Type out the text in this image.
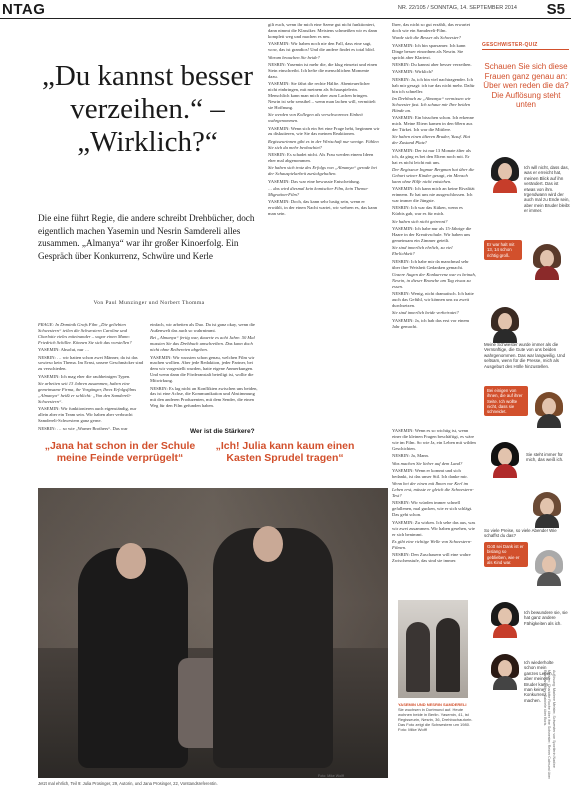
NTAG	NR. 22/105 / SONNTAG, 14. SEPTEMBER 2014 S5
„Du kannst besser verzeihen.“ – „Wirklich?“

Die eine führt Regie, die andere schreibt Drehbücher, doch eigentlich machen Yasemin und Nesrin Samdereli alles zusammen. „Almanya“ war ihr großer Kinoerfolg. Ein Gespräch über Konkurrenz, Schwüre und Kerle

Von Paul Munzinger und Norbert Thomma

FRAGE: In Dominik Grafs Film „Die geliebten Schwestern“ teilen die Schwestern Caroline und Charlotte vieles miteinander – sogar einen Mann: Friedrich Schiller. Können Sie sich das vorstellen?

YASEMIN: Absolut, nur …

NESRIN: … wir hatten schon zwei Männer, da ist das sowieso kein Thema. Im Ernst, unsere Geschmäcker sind zu verschieden.

YASEMIN: Ich mag eher die rauhbeinigen Typen.

Sie arbeiten seit 13 Jahren zusammen, haben eine gemeinsame Firma, ihr Vorgänger, Ihres Erfolgsfilms „Almanya“ heißt er schlicht: „Von den Samdereli-Schwestern“.

YASEMIN: Wir funktionieren auch eigenständig, nur allein aber ein Team sein. Wir haben aber verbracht Samdereli-Schwestern ganz gerne.

NESRIN: … so wie „Warner Brothers“. Das war

einfach, wir arbeiten als Duo. Da ist ganz okay, wenn die Außenwelt das auch so wahrnimmt.

Bei „Almanya“ fertig war, dauerte es acht Jahre. 50 Mal mussten Sie das Drehbuch umschreiben. Das kann doch nicht ohne Reibereien abgehen.

YASEMIN: Wir wussten schon genau, welchen Film wir machen wollten. Aber jede Redaktion, jeder Partner, bei dem wir vorgestellt wurden, hatte eigene Anmerkungen. Und wenn dann die Förderanstalt beteiligt ist, wollte die Mitwirkung.

NESRIN: Es lag nicht an Konflikten zwischen uns beiden, das ist eine Achse, die Kommunikation und Abstimmung mit den anderen Produzenten, mit dem Sender, die einen Weg für den Film gefunden haben.

gilt euch, wenn ihr mich eine Szene gut nicht funktioniert, dann nimmt die Klassiker. Meistens schmeißen wir es dann komplett weg und machen es neu.

YASEMIN: Wir haben noch nie den Fall, dass eine sagt, wow, das ist grandios! Und die andere findet es total blöd.

Warum brauchen Sie beide?

NESRIN: Yasemin ist mehr die, die klug einsetzt und einen Stein einschreibt. Ich hefte die menschlichen Momente dazu.

YASEMIN: Sie fährt die rechte Hälfte. Abenteuerlicher nicht einbringen, mit meinem als Schauspielerin. Menschlich kann man mich aber zum Lachen bringen. Nesrin ist sehr sensibel – wenn man lachen will, vermittelt sie Hoffnung.

Sie werden von Kollegen als verschworenes Einheit wahrgenommen.

YASEMIN: Wenn sich ein Set eine Frage hebt, beginnen wir zu diskutieren, wie Sie das meinen Reaktionen.

Regisseurinnen gibt es in der Wirtschaft nur wenige. Fühlen Sie sich da mehr beobachtet?

NESRIN: Es schadet nicht. Als Frau werden einem Ideen eher mal abgenommen.

Sie haben sich trotz des Erfolgs von „Almanya“ gerade bei der Schauspielarbeit zurückgehalten.

YASEMIN: Das war eine bewusste Entscheidung.

… das wird diesmal kein komischer Film, kein Thema-Migration-Film?

YASEMIN: Doch, das kann sehr lustig sein, wenn er erwählt, in der einen Nacht wartet, wir wehren es, das kann man sein.

Ihrer, das nicht so gut erzählt, das erwartet doch wie ein Samdereli-Film.

Wurde sich die Besser als Schwester?

YASEMIN: Ich bin sparsamer. Ich kann Dinge besser einordnen als Nesrin. Sie spricht aber Klartext.

NESRIN: Du kannst aber besser verzeihen.

YASEMIN: Wirklich?

NESRIN: Ja, ich bin viel nachtragender. Ich hab mir gesagt: ich tue das nicht mehr. Dafür bin ich schneller.

Im Drehbuch zu „Almanya“ vermissen wir Schwester fast. Ich schaue mir Ihre beiden Hände an.

YASEMIN: Ein bisschen schon. Ich erkenne mich. Meine Eltern kamen in den 60ern aus der Türkei. Ich war die Mittlere.

Sie haben einen älteren Bruder, Yusuf. Hat der Zustand Platz?

YASEMIN: Der ist nur 13 Monate älter als ich, da ging es bei den Eltern noch mit. Er hat es nicht leicht mit uns.

Der Regisseur Ingmar Bergman hat über die Geburt seiner Kinder gesagt, ein Mensch kann ohne Hilfe nicht entstehen.

YASEMIN: Ich kann mich an keine Rivalität erinnern. Er hat uns nie ausgeschlossen. Ich war immer die Jüngste.

NESRIN: Ich war das Küken, wenn es Kürbis gab, war es für mich.

Sie haben sich nicht getrennt?

YASEMIN: Ich habe nur als 15-Jährige die Haare in der Kreativschule. Wir haben uns gemeinsam ein Zimmer geteilt.

Sie sind innerlich ehrlich, zu viel Ehrlichkeit?

NESRIN: Ich habe mir da manchmal sehr über ihre Weisheit Gedanken gemacht.

Unsere Augen der Konkurrenz war es beinah, Nesrin, in dieser Branche am Tag etwas zu essen.

NESRIN: Wenig, nicht dramatisch. Ich hatte auch das Gefühl, wir können uns zu zweit durchsetzen.

Sie sind innerlich beide verheiratet?

YASEMIN: Ja, ich hab das erst vor einem Jahr gemacht.

YASEMIN: Wenn es so wichtig ist, wenn einer die kleinen Fragen beschäftigt, es wäre wie im Film. So wie Ja, ein Leben mit wilden Geschichten.

NESRIN: Ja, Mann.

Was machen Sie lieber auf dem Land?

YASEMIN: Wenn er kommt und sich bedankt, ist das unser Stil. Ich danke mir.

Wenn bei der einen mit Ihnen vor Kerl im Leben erst, müsste er gleich die Schwestern-Test?

NESRIN: Wir würden immer schnell gefallenen, mal gucken, wie er sich schlägt. Das geht schon.

YASEMIN: Zu wirken. Ich sehe das aus, was wir zwei zusammen. Wir haben gesehen, wie er sich benimmt.

Es gibt eine richtige Welle von Schwestern-Filmen.

NESRIN: Den Zuschauern will eine wahre Zwischenstufe, das sind sie immer.

Wer ist die Stärkere?
„Jana hat schon in der Schule meine Feinde verprügelt“
„Ich! Julia kann kaum einen Kasten Sprudel tragen“
Foto: Mike Wolff
Jetzt mal ehrlich, Teil 9: Julia Prosinger, 29, Autorin, und Jana Prosinger, 22, Vorstandsreferentin.
YASEMIN UND NESRIN SAMDERELI
Sie wuchsen in Dortmund auf. Heute wohnen beide in Berlin. Yasemin, 41, ist Regisseurin, Nesrin, 36, Drehbuchautorin. Das Foto zeigt die Schwestern um 1980. Foto: Mike Wolff
GESCHWISTER-QUIZ
Schauen Sie sich diese Frauen ganz genau an: Über wen reden die da? Die Auflösung steht unten
Ich will nicht, dass das, was er erreicht hat, meinen Blick auf ihn verändert. Das ist etwas von ihm. Irgendwann wird der auch mal zu Ende sein, aber mein Bruder bleibt er immer.
Er war halt mit 13, 14 schon richtig groß.
Meine Schwester wurde immer als die Vernünftige, die Gute von uns beiden wahrgenommen. Das war langweilig. Und seltsam, wenn für die Presse, mich als Ausgeburt des Hölle hinzustellen.
Bei einigen von ihnen, die auf ihrer Seite. Ich wollte nicht, dass sie schneidet.
Sie steht immer für mich, das weiß ich.
So viele Preise, so viele Abende! Wie schaffst du das?
Gott sei Dank ist er bislang so geblieben, wie er als Kind war.
Ich bewundere sie, sie hat ganz andere Fähigkeiten als ich.
Ich wiederholte schon mein ganzes Leben, aber meinem Bruder kann man keine Konkurrenz machen.	Auflösung: Marlene Meister, Schwester von Sportlerin Nadine Meister; Charlotte Roche über ihre Schwester; Reiner Calmund über Reinhard Mey; Gabriele über Boris.
